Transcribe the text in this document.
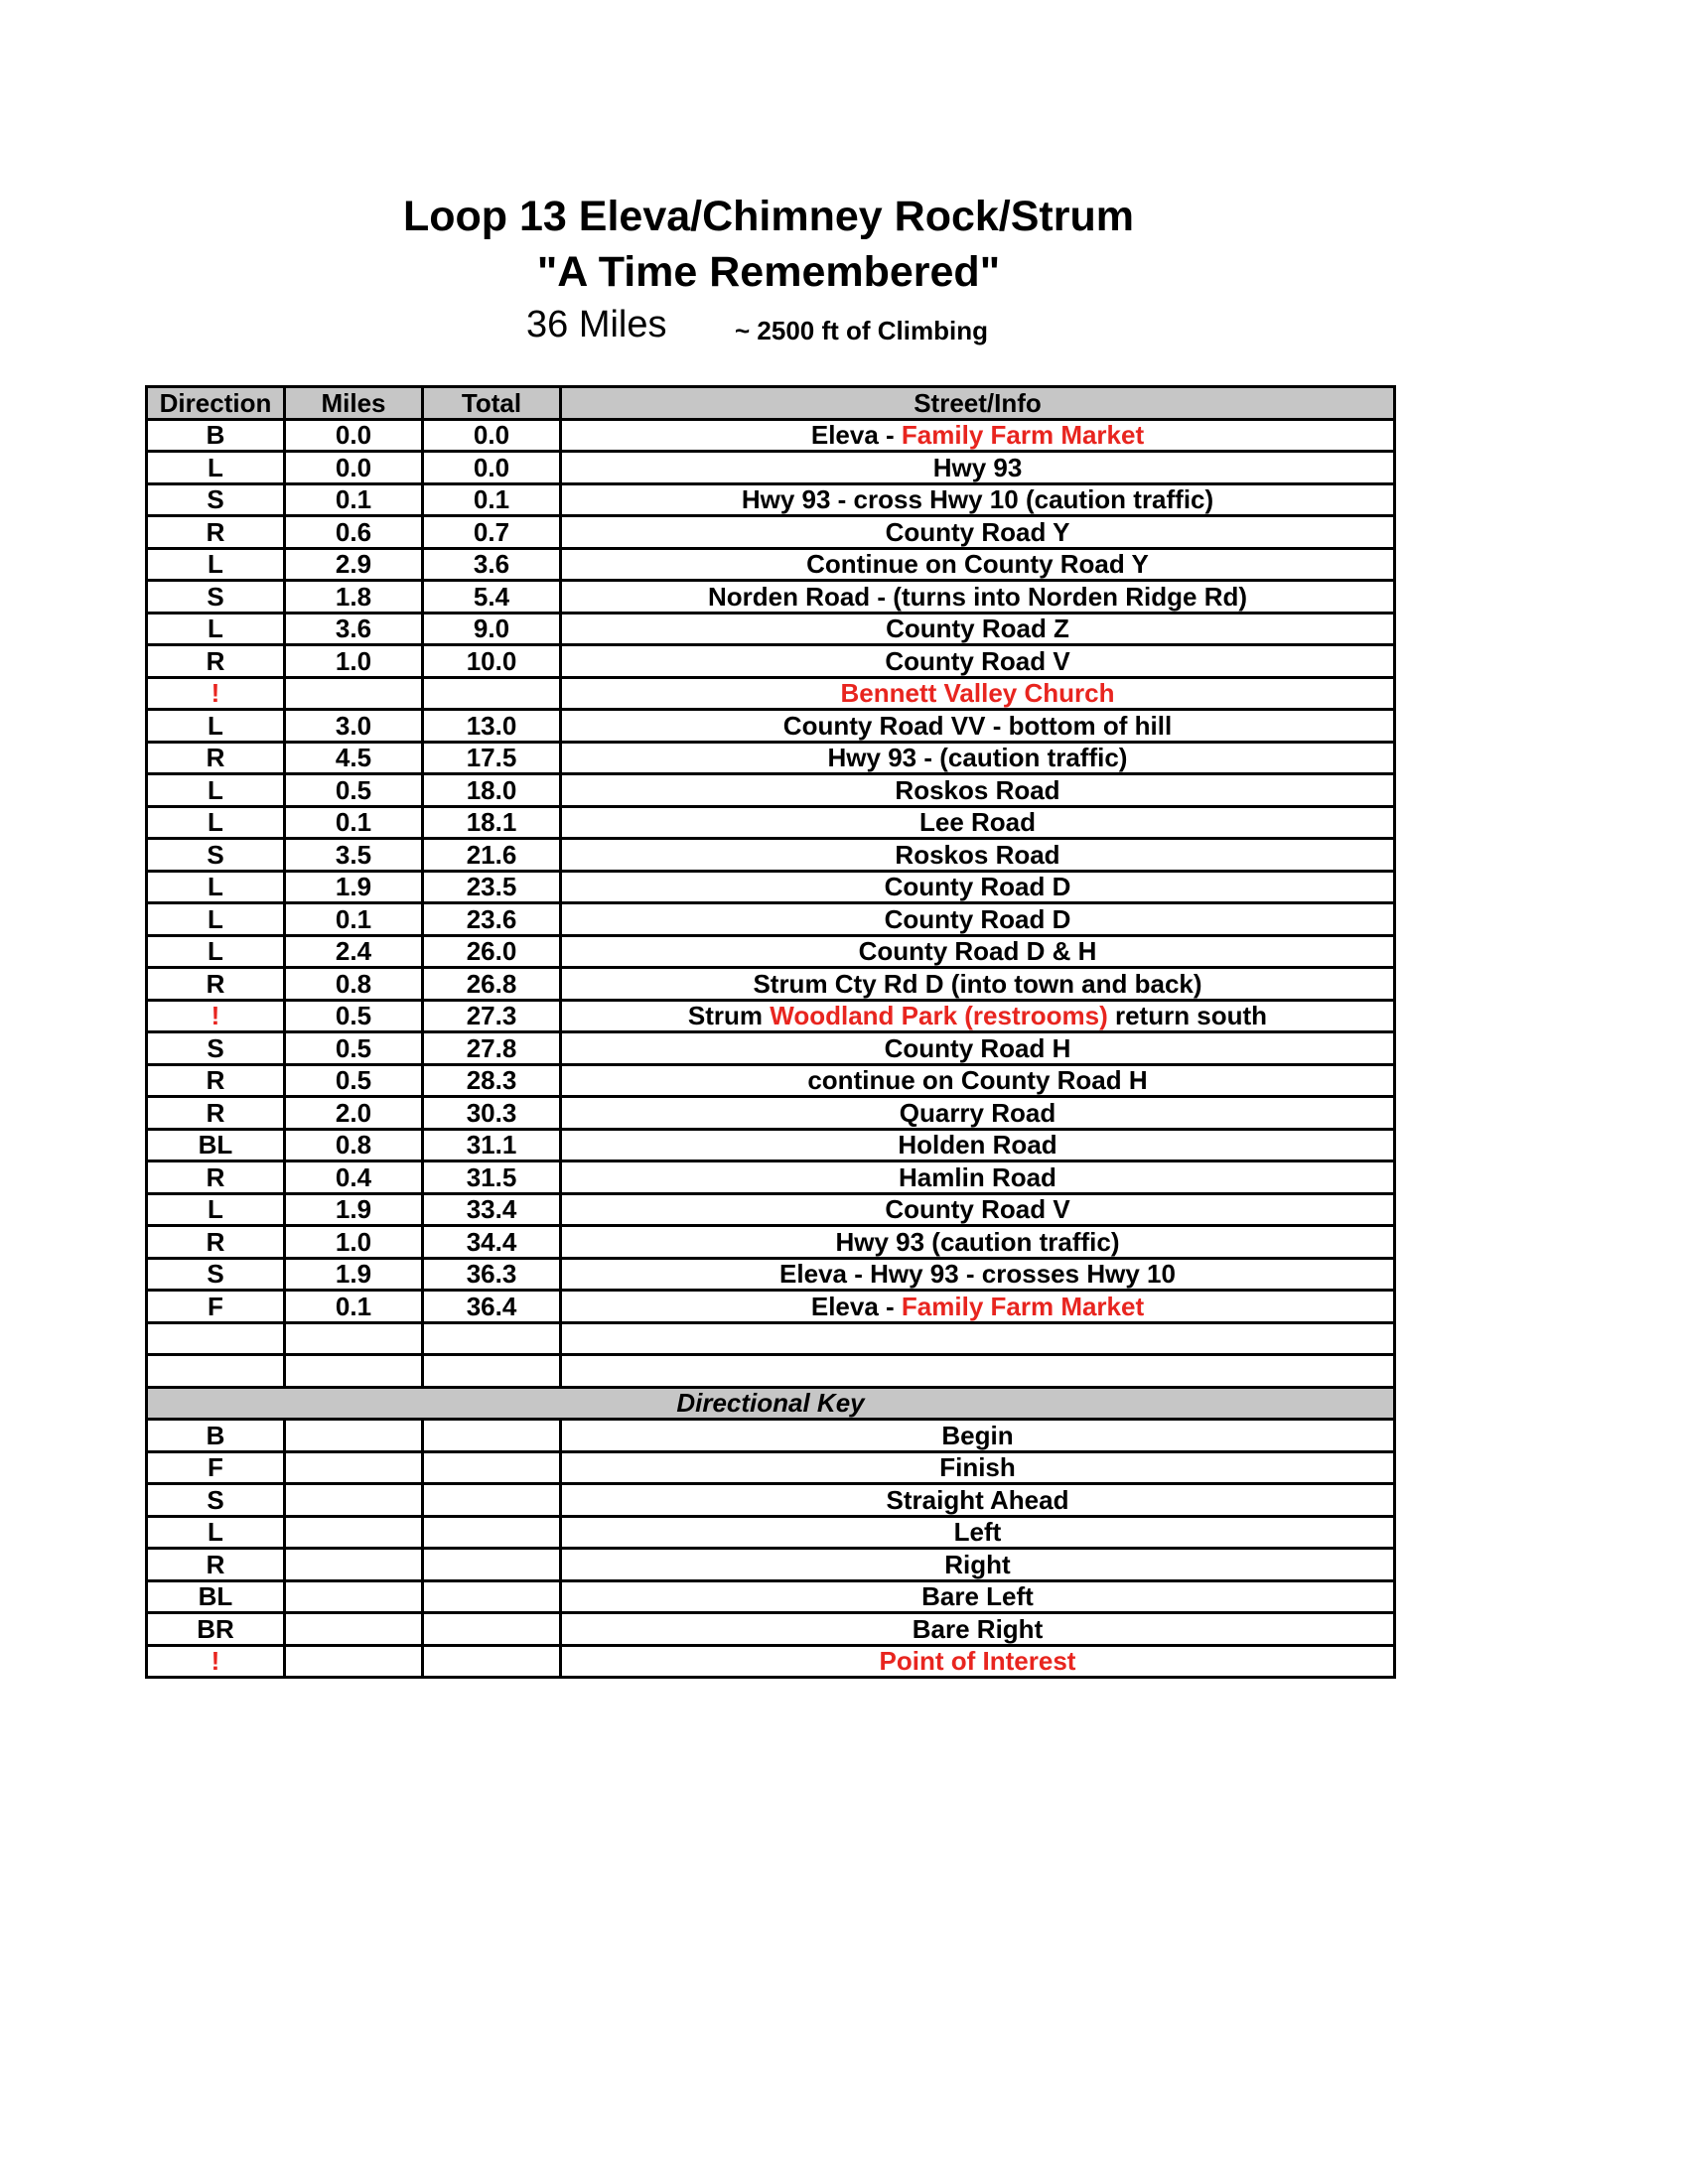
Loop 13 Eleva/Chimney Rock/Strum
"A Time Remembered"
36 Miles	~ 2500 ft of Climbing
Direction	Miles	Total	Street/Info
B	0.0	0.0	Eleva - Family Farm Market
L	0.0	0.0	Hwy 93
S	0.1	0.1	Hwy 93 - cross Hwy 10 (caution traffic)
R	0.6	0.7	County Road Y
L	2.9	3.6	Continue on County Road Y
S	1.8	5.4	Norden Road - (turns into Norden Ridge Rd)
L	3.6	9.0	County Road Z
R	1.0	10.0	County Road V
!			Bennett Valley Church
L	3.0	13.0	County Road VV - bottom of hill
R	4.5	17.5	Hwy 93 - (caution traffic)
L	0.5	18.0	Roskos Road
L	0.1	18.1	Lee Road
S	3.5	21.6	Roskos Road
L	1.9	23.5	County Road D
L	0.1	23.6	County Road D
L	2.4	26.0	County Road D & H
R	0.8	26.8	Strum Cty Rd D (into town and back)
!	0.5	27.3	Strum Woodland Park (restrooms) return south
S	0.5	27.8	County Road H
R	0.5	28.3	continue on County Road H
R	2.0	30.3	Quarry Road
BL	0.8	31.1	Holden Road
R	0.4	31.5	Hamlin Road
L	1.9	33.4	County Road V
R	1.0	34.4	Hwy 93 (caution traffic)
S	1.9	36.3	Eleva - Hwy 93 - crosses Hwy 10
F	0.1	36.4	Eleva - Family Farm Market

Directional Key			
B			Begin
F			Finish
S			Straight Ahead
L			Left
R			Right
BL			Bare Left
BR			Bare Right
!			Point of Interest
